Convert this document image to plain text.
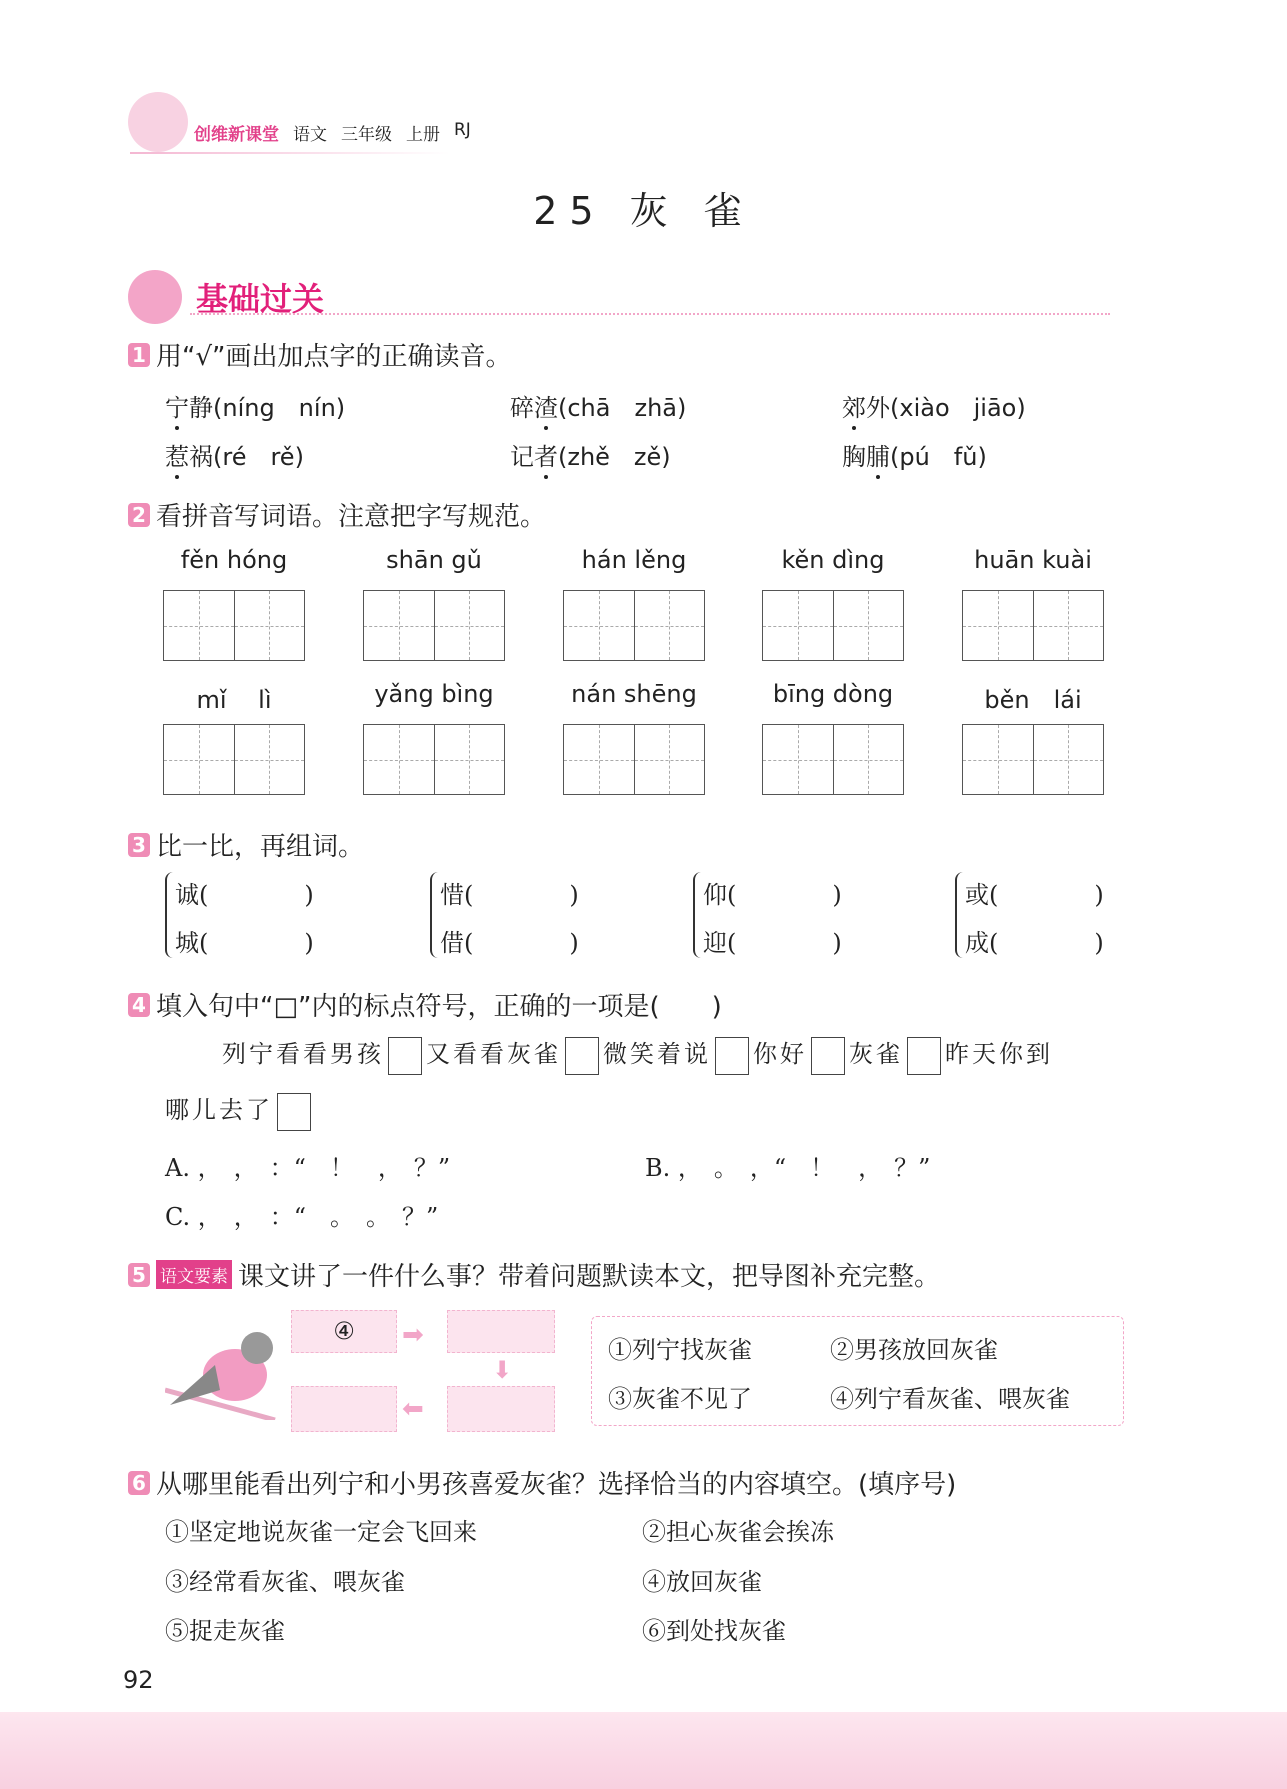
创维新课堂 语文 三年级 上册 RJ
25 灰 雀
基础过关
1 用“√”画出加点字的正确读音。
宁静 (níng　nín)	碎渣 (chā　zhā)	郊外 (xiào　jiāo)
惹祸 (ré　rě)	记者 (zhě　zě)	胸脯 (pú　fǔ)
2 看拼音写词语。注意把字写规范。
fěn hóng	shān gǔ	hán lěng	kěn dìng	huān kuài
mǐ　 lì	yǎng bìng	nán shēng	bīng dòng	běn　lái
3 比一比，再组词。
诚(　　　　)
城(　　　　)
惜(　　　　)
借(　　　　)
仰(　　　　)
迎(　　　　)
或(　　　　)
成(　　　　)
4 填入句中“□”内的标点符号，正确的一项是(　　)
列宁看看男孩 又看看灰雀 微笑着说 你好 灰雀 昨天你到
哪儿去了
A. ，　，　：“　！　，　？”	B. ，　。　，“　！　，　？”
C. ，　，　：“　。　。　？”
5 语文要素 课文讲了一件什么事？带着问题默读本文，把导图补充完整。
④	➡
⬇
⬅
①列宁找灰雀	②男孩放回灰雀
③灰雀不见了	④列宁看灰雀、喂灰雀
6 从哪里能看出列宁和小男孩喜爱灰雀？选择恰当的内容填空。(填序号)
①坚定地说灰雀一定会飞回来	②担心灰雀会挨冻
③经常看灰雀、喂灰雀	④放回灰雀
⑤捉走灰雀	⑥到处找灰雀
92
